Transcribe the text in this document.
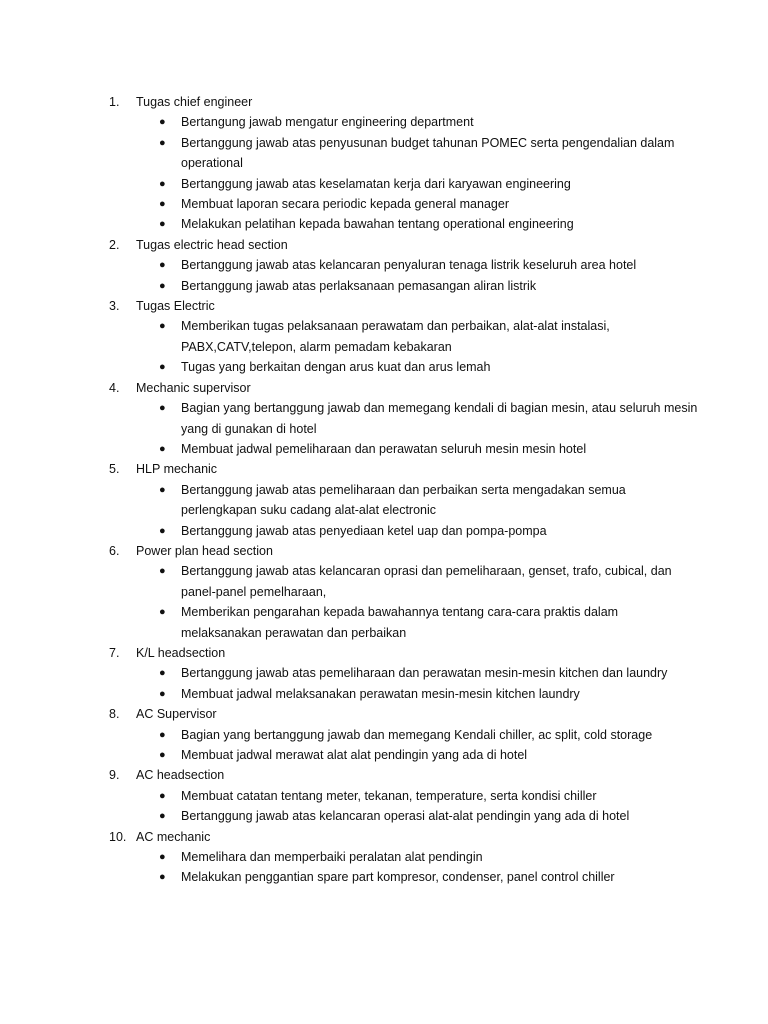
1.	Tugas chief engineer
● Bertangung jawab mengatur engineering department
● Bertanggung jawab atas penyusunan budget tahunan POMEC serta pengendalian dalam operational
● Bertanggung jawab atas keselamatan kerja dari karyawan engineering
● Membuat laporan secara periodic kepada general manager
● Melakukan pelatihan kepada bawahan tentang operational engineering
2.	Tugas electric head section
● Bertanggung jawab atas kelancaran penyaluran tenaga listrik keseluruh area hotel
● Bertanggung jawab atas perlaksanaan pemasangan aliran listrik
3.	Tugas Electric
● Memberikan tugas pelaksanaan perawatam dan perbaikan, alat-alat instalasi, PABX,CATV,telepon, alarm pemadam kebakaran
● Tugas yang berkaitan dengan arus kuat dan arus lemah
4.	Mechanic supervisor
● Bagian yang bertanggung jawab dan memegang kendali di bagian mesin, atau seluruh mesin yang di gunakan di hotel
● Membuat jadwal pemeliharaan dan perawatan seluruh mesin mesin hotel
5.	HLP mechanic
● Bertanggung jawab atas pemeliharaan dan perbaikan serta mengadakan semua perlengkapan suku cadang alat-alat electronic
● Bertanggung jawab atas penyediaan ketel uap dan pompa-pompa
6.	Power plan head section
● Bertanggung jawab atas kelancaran oprasi dan pemeliharaan, genset, trafo, cubical, dan panel-panel pemelharaan,
● Memberikan pengarahan kepada bawahannya tentang cara-cara praktis dalam melaksanakan perawatan dan perbaikan
7.	K/L headsection
● Bertanggung jawab atas pemeliharaan dan perawatan mesin-mesin kitchen dan laundry
● Membuat jadwal melaksanakan perawatan mesin-mesin kitchen laundry
8.	AC Supervisor
● Bagian yang bertanggung jawab dan memegang Kendali chiller, ac split, cold storage
● Membuat jadwal merawat alat alat pendingin yang ada di hotel
9.	AC headsection
● Membuat catatan tentang meter, tekanan, temperature, serta kondisi chiller
● Bertanggung jawab atas kelancaran operasi alat-alat pendingin yang ada di hotel
10. AC mechanic
● Memelihara dan memperbaiki peralatan alat pendingin
● Melakukan penggantian spare part kompresor, condenser, panel control chiller
